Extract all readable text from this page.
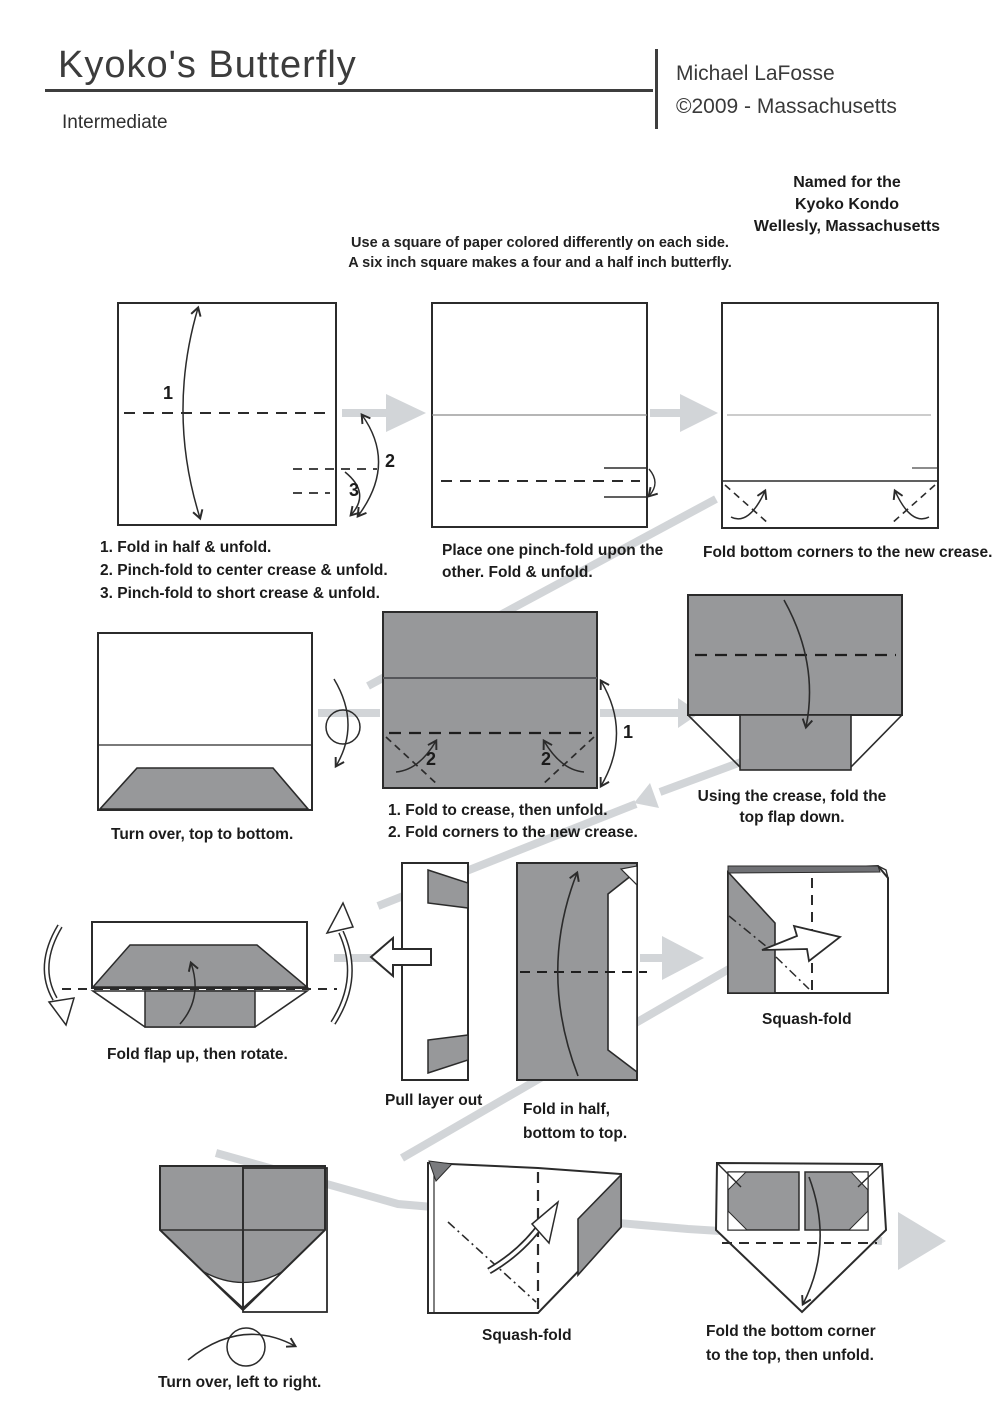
Kyoko's Butterfly
Intermediate
Michael LaFosse
©2009 - Massachusetts
Named for the
Kyoko Kondo
Wellesly, Massachusetts
Use a square of paper colored differently on each side.
A six inch square makes a four and a half inch butterfly.
1. Fold in half & unfold.
2. Pinch-fold to center crease & unfold.
3. Pinch-fold to short crease & unfold.
Place one pinch-fold upon the
other. Fold & unfold.
Fold bottom corners to the new crease.
Turn over, top to bottom.
1. Fold to crease, then unfold.
2. Fold corners to the new crease.
Using the crease, fold the
top flap down.
Fold flap up, then rotate.
Pull layer out
Fold in half,
bottom to top.
Squash-fold
Squash-fold	Fold the bottom corner
to the top, then unfold.
Turn over, left to right.
1
2
3
2	2
1
